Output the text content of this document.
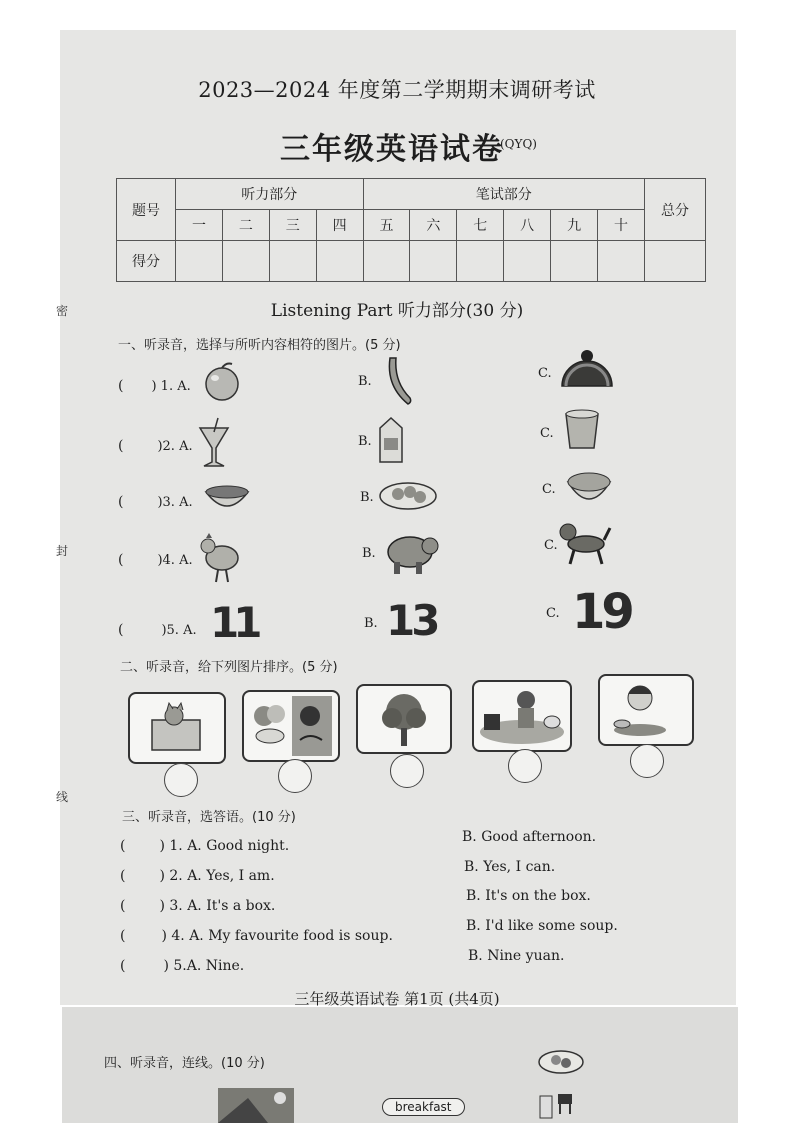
密
封
线
2023—2024 年度第二学期期末调研考试
三年级英语试卷
(QYQ)
题号	听力部分				笔试部分						总分
	一	二	三	四	五	六	七	八	九	十	
得分											
Listening Part 听力部分(30 分)
一、听录音，选择与所听内容相符的图片。(5 分)
( ) 1. A.	B.
C.
(	)2. A.	B.
C.
(	)3. A.	B.
C.
(	)4. A.	B.
C.
(	)5. A.	B.
C.
11	13	19
二、听录音，给下列图片排序。(5 分)
三、听录音，选答语。(10 分)
( ) 1. A. Good night.
B. Good afternoon.
( ) 2. A. Yes, I am.
B. Yes, I can.
( ) 3. A. It's a box.
B. It's on the box.
(	) 4. A. My favourite food is soup.
B. I'd like some soup.
(	) 5.A. Nine.
B. Nine yuan.
三年级英语试卷 第1页 (共4页)
四、听录音，连线。(10 分)
breakfast
